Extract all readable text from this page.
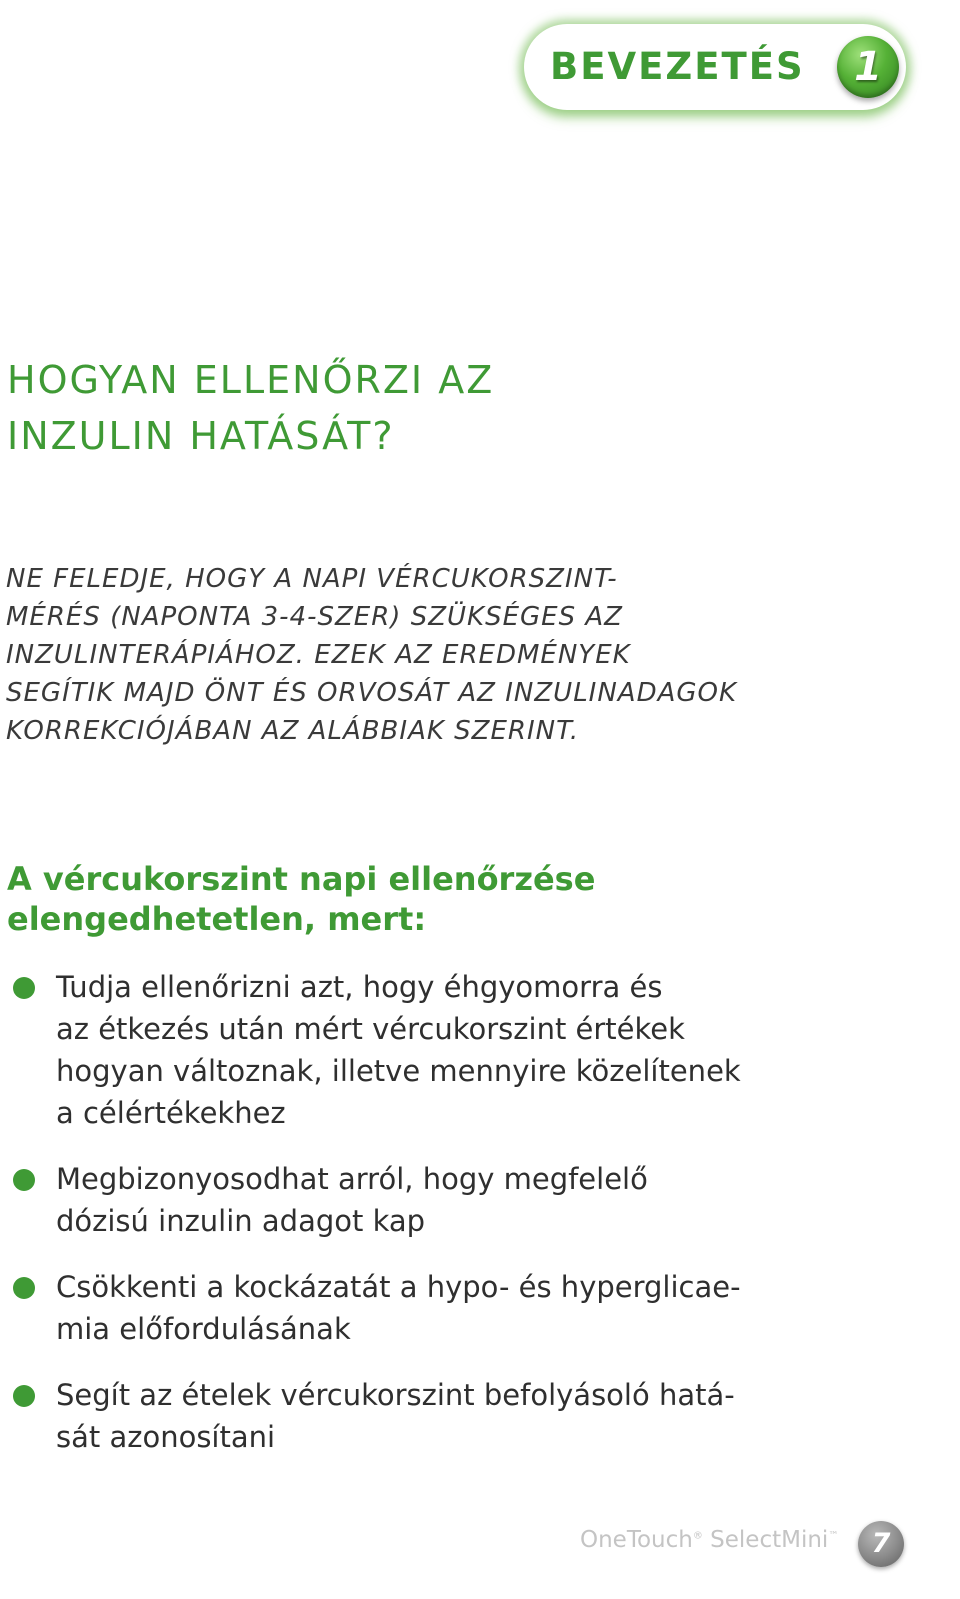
BEVEZETÉS	1
HOGYAN ELLENŐRZI AZ
INZULIN HATÁSÁT?

NE FELEDJE, HOGY A NAPI VÉRCUKORSZINT-
MÉRÉS (NAPONTA 3-4-SZER) SZÜKSÉGES AZ
INZULINTERÁPIÁHOZ. EZEK AZ EREDMÉNYEK
SEGÍTIK MAJD ÖNT ÉS ORVOSÁT AZ INZULINADAGOK
KORREKCIÓJÁBAN AZ ALÁBBIAK SZERINT.

A vércukorszint napi ellenőrzése
elengedhetetlen, mert:
Tudja ellenőrizni azt, hogy éhgyomorra és
az étkezés után mért vércukorszint értékek
hogyan változnak, illetve mennyire közelítenek
a célértékekhez
Megbizonyosodhat arról, hogy megfelelő
dózisú inzulin adagot kap
Csökkenti a kockázatát a hypo- és hyperglicae-
mia előfordulásának
Segít az ételek vércukorszint befolyásoló hatá-
sát azonosítani
OneTouch® SelectMini™	7
